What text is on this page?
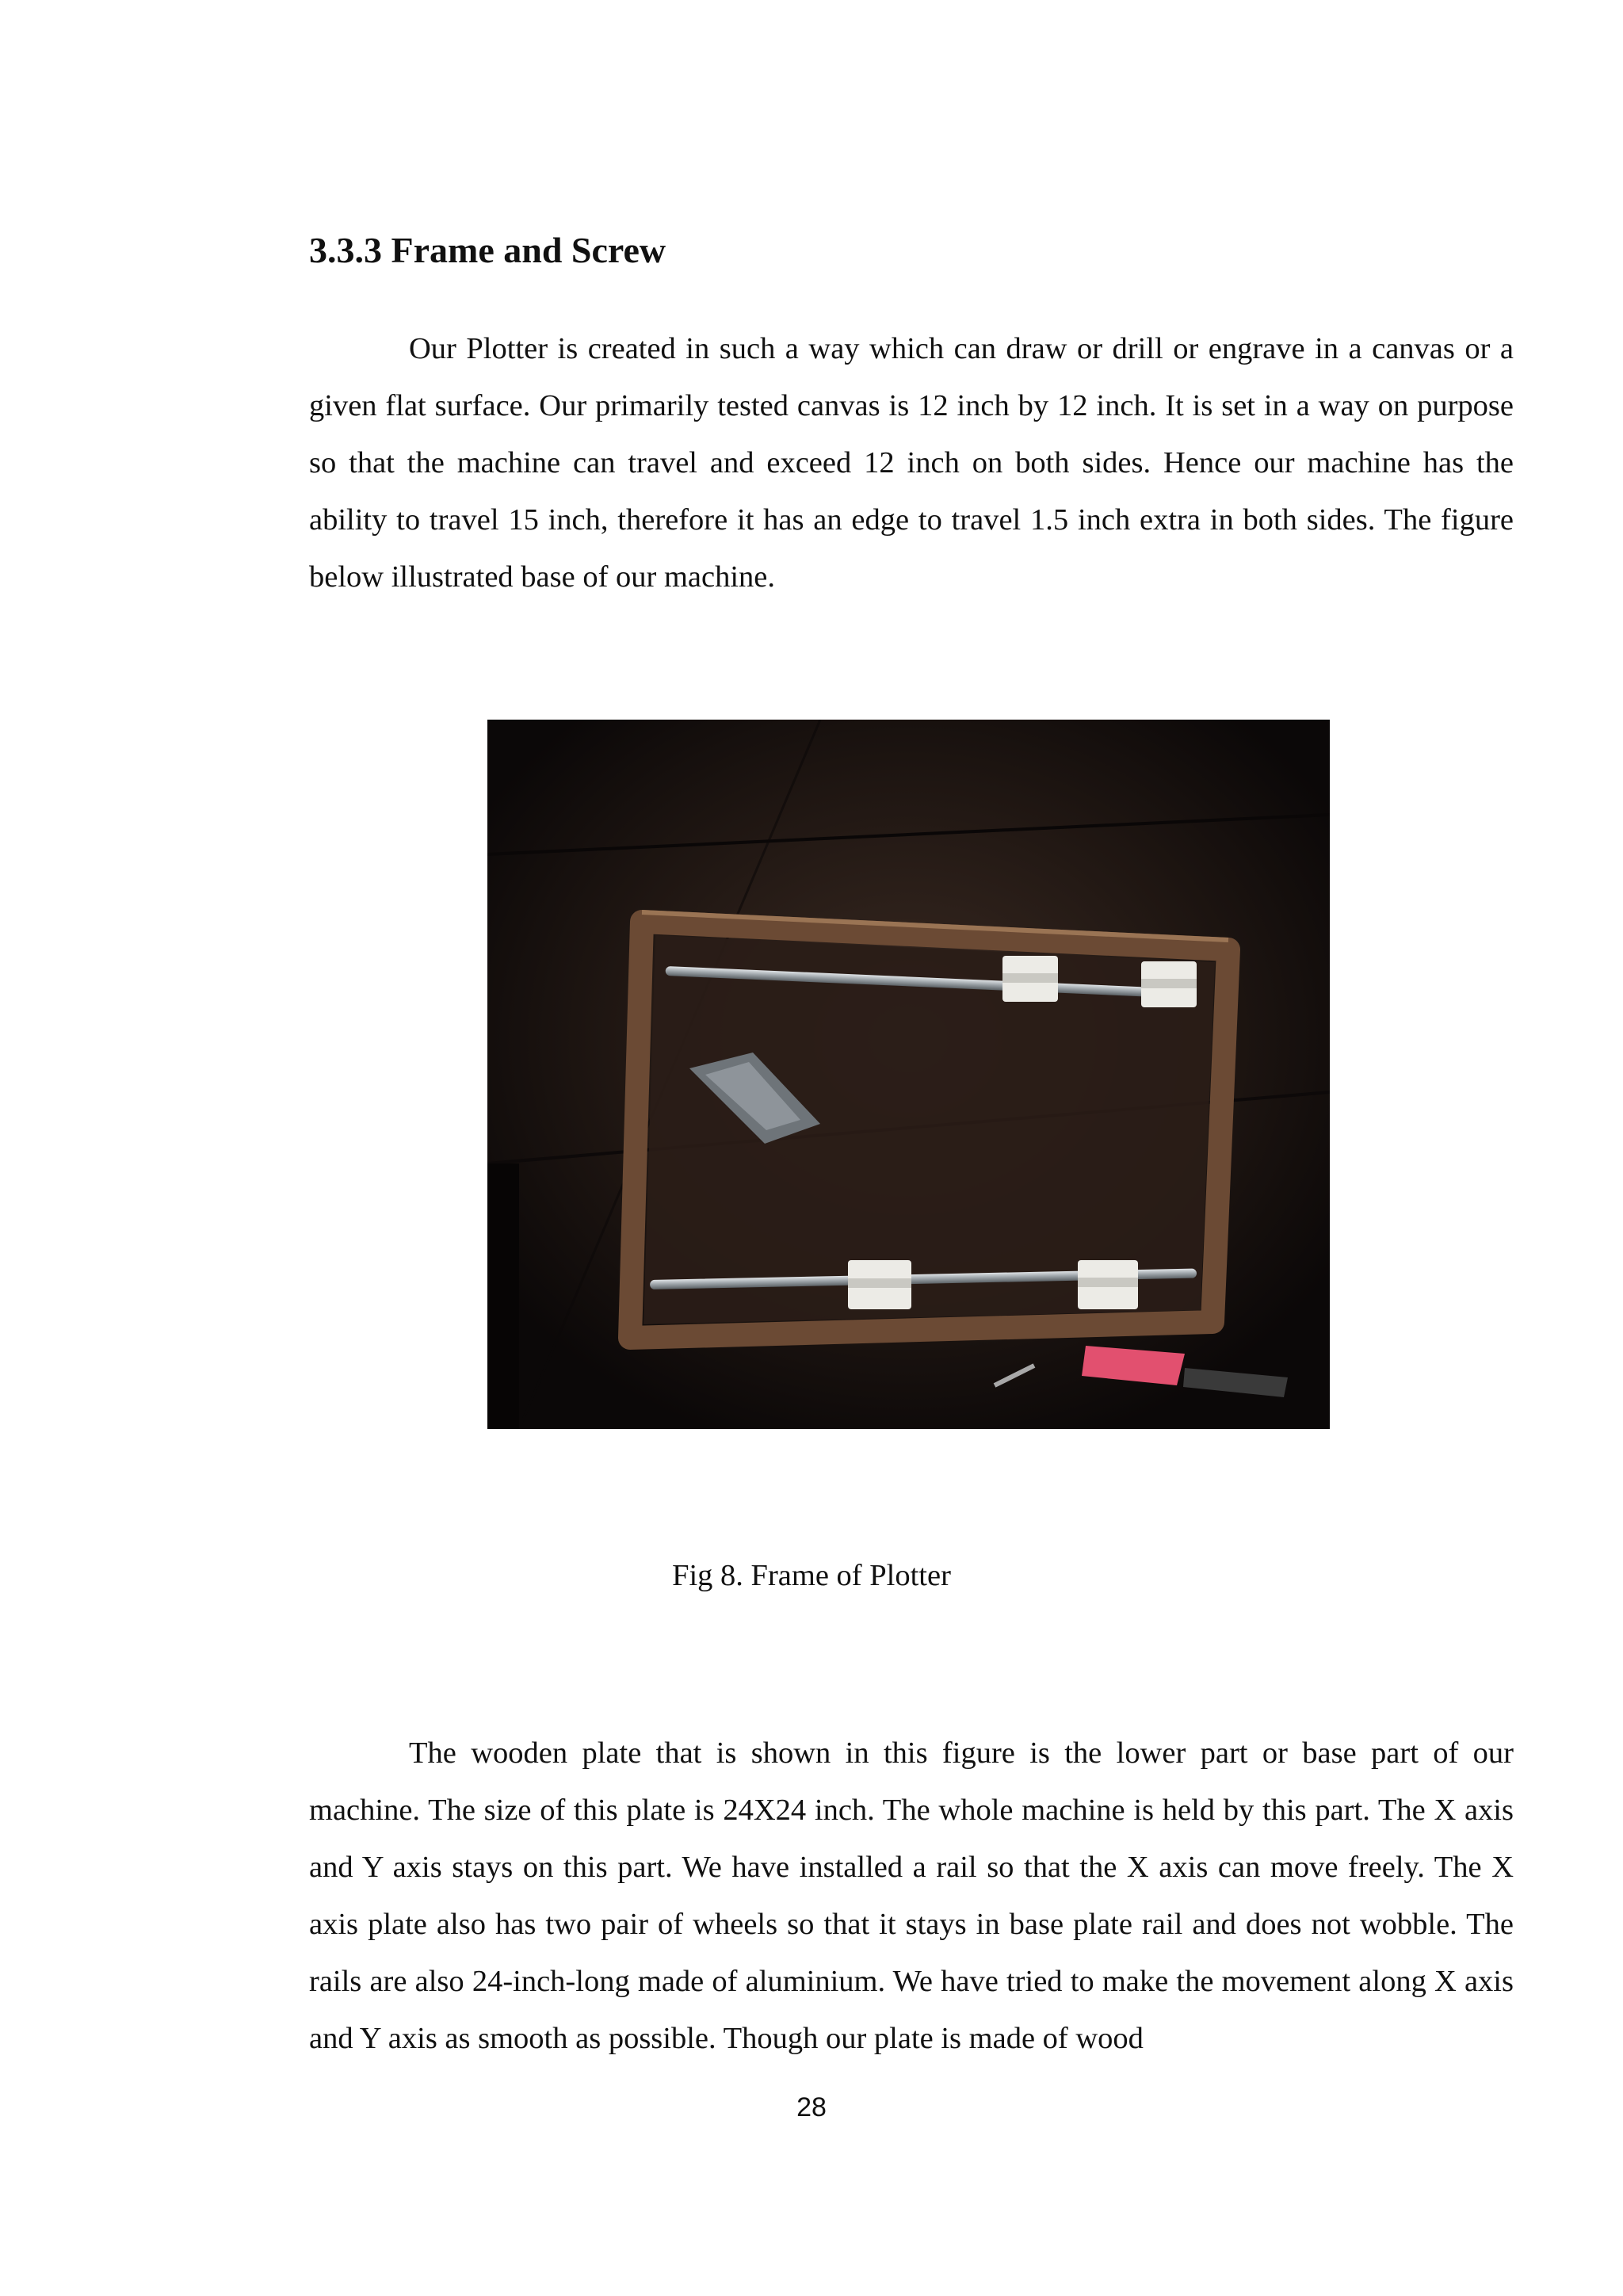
3.3.3 Frame and Screw

Our Plotter is created in such a way which can draw or drill or engrave in a canvas or a given flat surface. Our primarily tested canvas is 12 inch by 12 inch. It is set in a way on purpose so that the machine can travel and exceed 12 inch on both sides. Hence our machine has the ability to travel 15 inch, therefore it has an edge to travel 1.5 inch extra in both sides. The figure below illustrated base of our machine.

Fig 8. Frame of Plotter

The wooden plate that is shown in this figure is the lower part or base part of our machine. The size of this plate is 24X24 inch. The whole machine is held by this part. The X axis and Y axis stays on this part. We have installed a rail so that the X axis can move freely. The X axis plate also has two pair of wheels so that it stays in base plate rail and does not wobble. The rails are also 24-inch-long made of aluminium. We have tried to make the movement along X axis and Y axis as smooth as possible. Though our plate is made of wood

28
